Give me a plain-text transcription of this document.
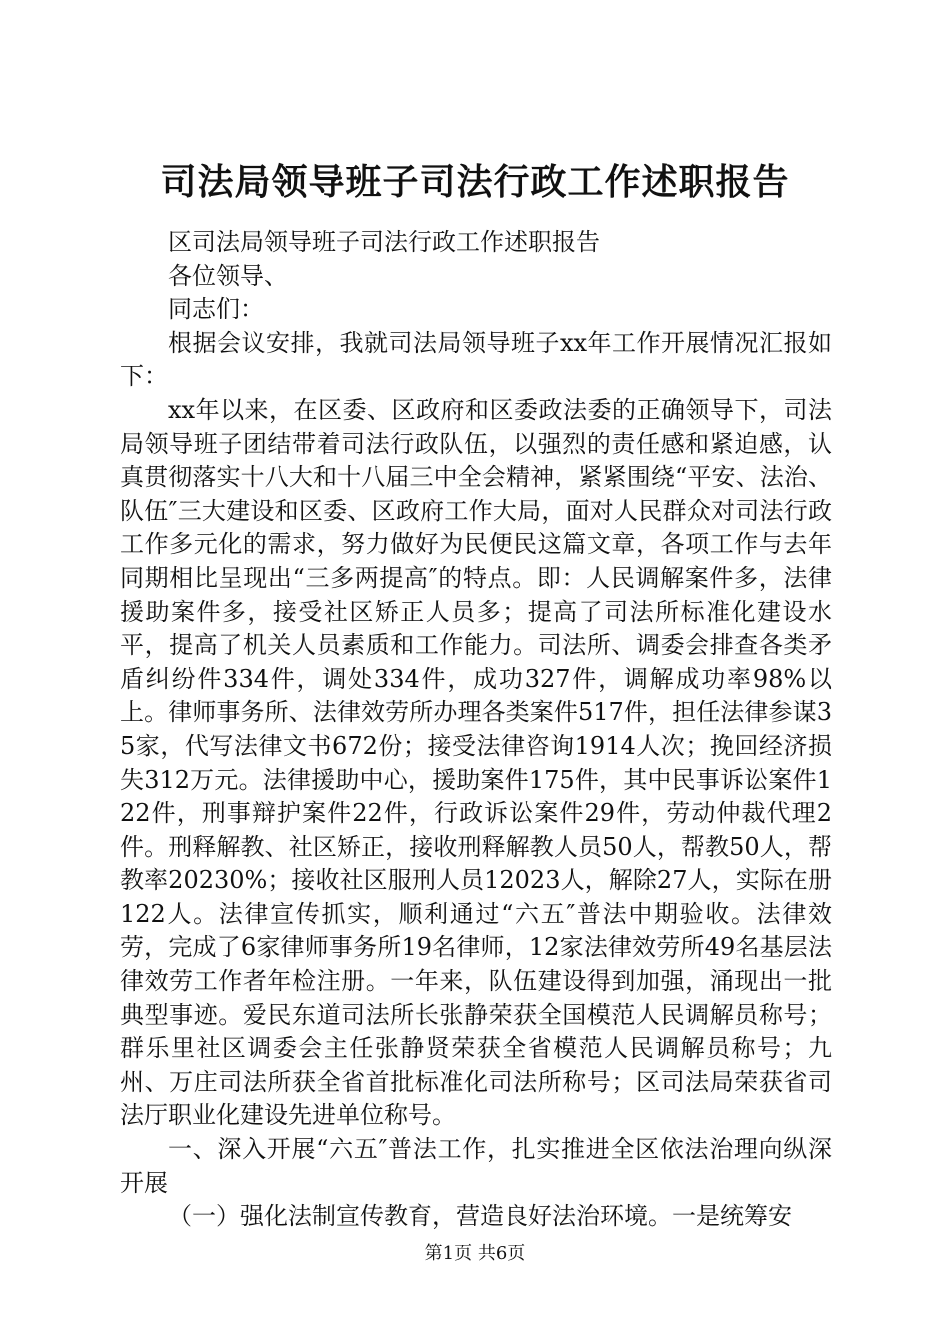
司法局领导班子司法行政工作述职报告

区司法局领导班子司法行政工作述职报告

各位领导、

同志们：

根据会议安排，我就司法局领导班子xx年工作开展情况汇报如下：

xx年以来，在区委、区政府和区委政法委的正确领导下，司法局领导班子团结带着司法行政队伍，以强烈的责任感和紧迫感，认真贯彻落实十八大和十八届三中全会精神，紧紧围绕“平安、法治、队伍″三大建设和区委、区政府工作大局，面对人民群众对司法行政工作多元化的需求，努力做好为民便民这篇文章，各项工作与去年同期相比呈现出“三多两提高″的特点。即：人民调解案件多，法律援助案件多，接受社区矫正人员多；提高了司法所标准化建设水平，提高了机关人员素质和工作能力。司法所、调委会排查各类矛盾纠纷件334件，调处334件，成功327件，调解成功率98%以上。律师事务所、法律效劳所办理各类案件517件，担任法律参谋35家，代写法律文书672份；接受法律咨询1914人次；挽回经济损失312万元。法律援助中心，援助案件175件，其中民事诉讼案件122件，刑事辩护案件22件，行政诉讼案件29件，劳动仲裁代理2件。刑释解教、社区矫正，接收刑释解教人员50人，帮教50人，帮教率20230%；接收社区服刑人员12023人，解除27人，实际在册122人。法律宣传抓实，顺利通过“六五″普法中期验收。法律效劳，完成了6家律师事务所19名律师，12家法律效劳所49名基层法律效劳工作者年检注册。一年来，队伍建设得到加强，涌现出一批典型事迹。爱民东道司法所长张静荣获全国模范人民调解员称号；群乐里社区调委会主任张静贤荣获全省模范人民调解员称号；九州、万庄司法所获全省首批标准化司法所称号；区司法局荣获省司法厅职业化建设先进单位称号。

一、深入开展“六五″普法工作，扎实推进全区依法治理向纵深开展

（一）强化法制宣传教育，营造良好法治环境。一是统筹安

第1页 共6页
